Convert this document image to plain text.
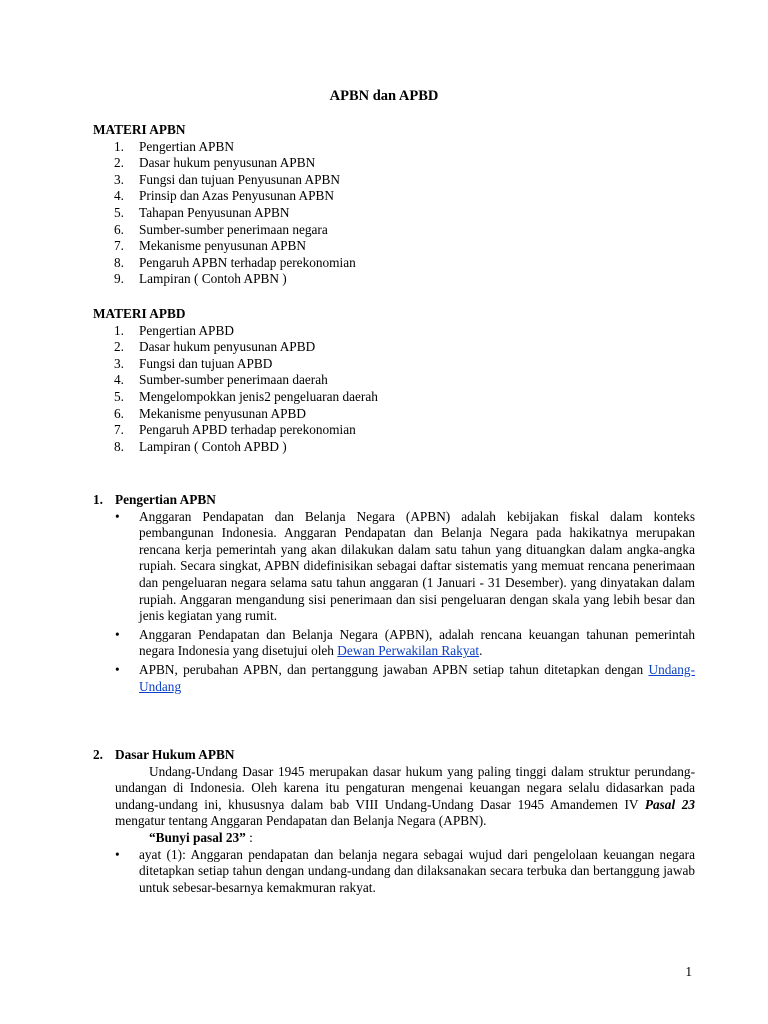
APBN dan APBD
MATERI APBN
1.	Pengertian APBN
2.	Dasar hukum penyusunan APBN
3.	Fungsi dan tujuan Penyusunan APBN
4.	Prinsip dan Azas Penyusunan APBN
5.	Tahapan Penyusunan APBN
6.	Sumber-sumber penerimaan negara
7.	Mekanisme penyusunan APBN
8.	Pengaruh APBN terhadap perekonomian
9.	Lampiran ( Contoh APBN )
MATERI APBD
1.	Pengertian APBD
2.	Dasar hukum penyusunan APBD
3.	Fungsi dan tujuan APBD
4.	Sumber-sumber penerimaan daerah
5.	Mengelompokkan jenis2 pengeluaran daerah
6.	Mekanisme penyusunan APBD
7.	Pengaruh APBD terhadap perekonomian
8.	Lampiran ( Contoh APBD )
1. Pengertian APBN
• Anggaran Pendapatan dan Belanja Negara (APBN) adalah kebijakan fiskal dalam konteks pembangunan Indonesia. Anggaran Pendapatan dan Belanja Negara pada hakikatnya merupakan rencana kerja pemerintah yang akan dilakukan dalam satu tahun yang dituangkan dalam angka-angka rupiah. Secara singkat, APBN didefinisikan sebagai daftar sistematis yang memuat rencana penerimaan dan pengeluaran negara selama satu tahun anggaran (1 Januari - 31 Desember). yang dinyatakan dalam rupiah. Anggaran mengandung sisi penerimaan dan sisi pengeluaran dengan skala yang lebih besar dan jenis kegiatan yang rumit.
• Anggaran Pendapatan dan Belanja Negara (APBN), adalah rencana keuangan tahunan pemerintah negara Indonesia yang disetujui oleh Dewan Perwakilan Rakyat.
• APBN, perubahan APBN, dan pertanggung jawaban APBN setiap tahun ditetapkan dengan Undang-Undang
2. Dasar Hukum APBN
Undang-Undang Dasar 1945 merupakan dasar hukum yang paling tinggi dalam struktur perundang-undangan di Indonesia. Oleh karena itu pengaturan mengenai keuangan negara selalu didasarkan pada undang-undang ini, khususnya dalam bab VIII Undang-Undang Dasar 1945 Amandemen IV Pasal 23 mengatur tentang Anggaran Pendapatan dan Belanja Negara (APBN).
“Bunyi pasal 23” :
• ayat (1): Anggaran pendapatan dan belanja negara sebagai wujud dari pengelolaan keuangan negara ditetapkan setiap tahun dengan undang-undang dan dilaksanakan secara terbuka dan bertanggung jawab untuk sebesar-besarnya kemakmuran rakyat.
1
